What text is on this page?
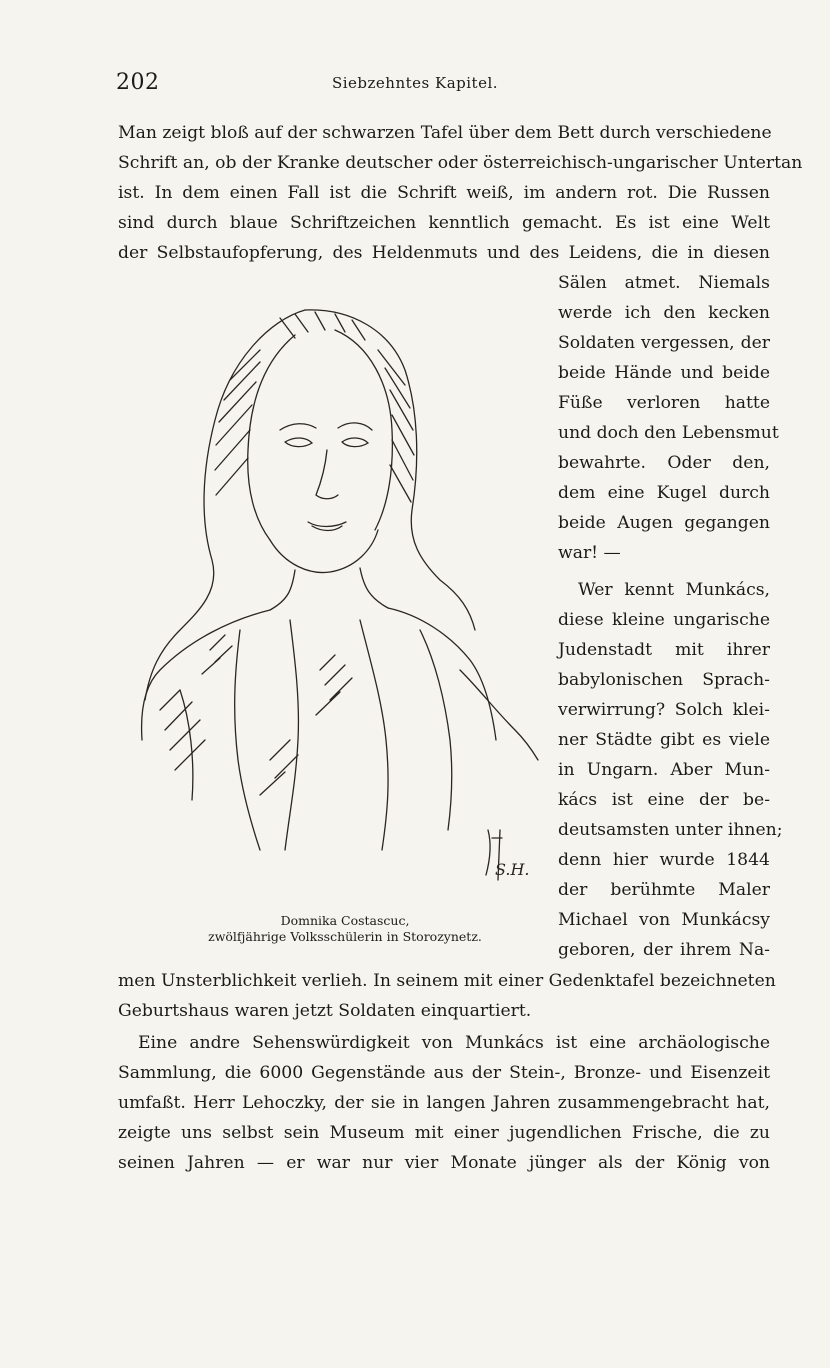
202	Siebzehntes Kapitel.
Man zeigt bloß auf der schwarzen Tafel über dem Bett durch verschiedene
Schrift an, ob der Kranke deutscher oder österreichisch-ungarischer Untertan
ist. In dem einen Fall ist die Schrift weiß, im andern rot. Die Russen
sind durch blaue Schriftzeichen kenntlich gemacht. Es ist eine Welt
der Selbstaufopferung, des Heldenmuts und des Leidens, die in diesen
S.H.
Sälen atmet. Niemals
werde ich den kecken
Soldaten vergessen, der
beide Hände und beide
Füße verloren hatte
und doch den Lebensmut
bewahrte. Oder den,
dem eine Kugel durch
beide Augen gegangen
war! —
Wer kennt Munkács,
diese kleine ungarische
Judenstadt mit ihrer
babylonischen Sprach-
verwirrung? Solch klei-
ner Städte gibt es viele
in Ungarn. Aber Mun-
kács ist eine der be-
deutsamsten unter ihnen;
denn hier wurde 1844
der berühmte Maler
Michael von Munkácsy
geboren, der ihrem Na-
Domnika Costascuc,
zwölfjährige Volksschülerin in Storozynetz.
men Unsterblichkeit verlieh. In seinem mit einer Gedenktafel bezeichneten
Geburtshaus waren jetzt Soldaten einquartiert.
Eine andre Sehenswürdigkeit von Munkács ist eine archäologische
Sammlung, die 6000 Gegenstände aus der Stein-, Bronze- und Eisenzeit
umfaßt. Herr Lehoczky, der sie in langen Jahren zusammengebracht hat,
zeigte uns selbst sein Museum mit einer jugendlichen Frische, die zu
seinen Jahren — er war nur vier Monate jünger als der König von
